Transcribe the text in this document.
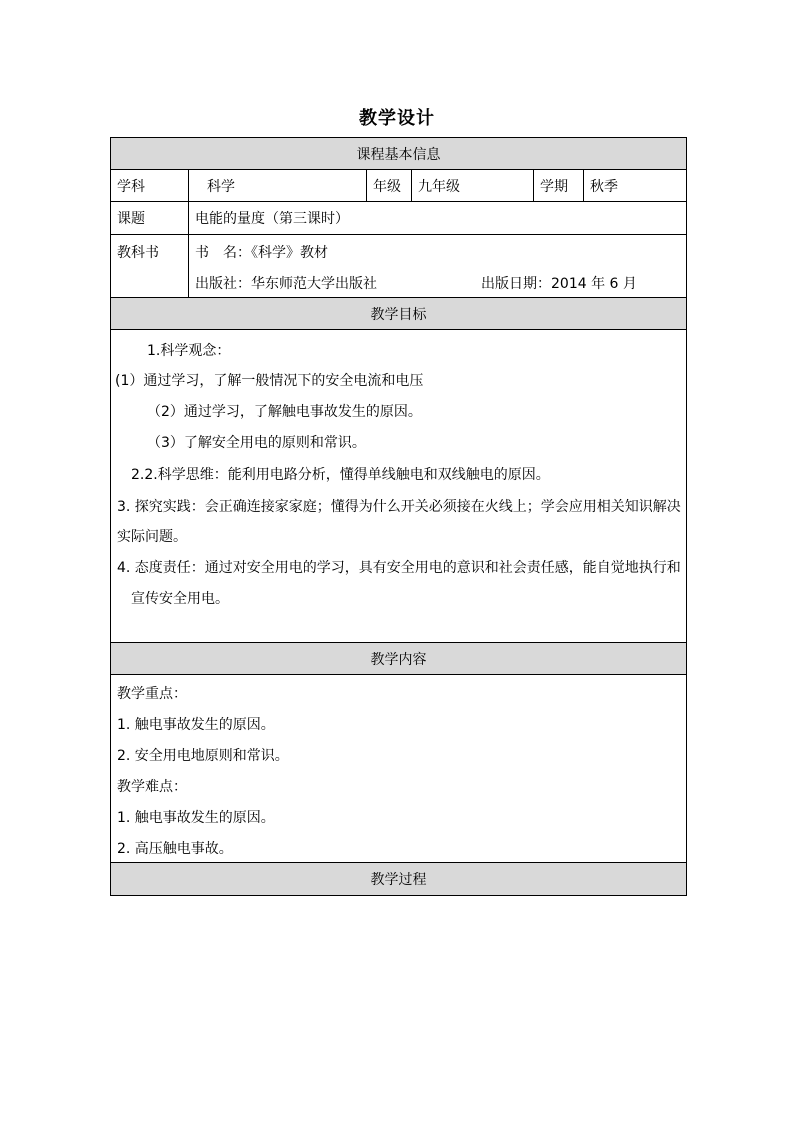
教学设计
课程基本信息
学科	科学	年级	九年级	学期	秋季
课题	电能的量度（第三课时）
教科书	书　名：《科学》教材
出版社：华东师范大学出版社	出版日期：2014 年 6 月
教学目标
1.科学观念：
(1）通过学习，了解一般情况下的安全电流和电压
（2）通过学习，了解触电事故发生的原因。
（3）了解安全用电的原则和常识。
2.2.科学思维：能利用电路分析，懂得单线触电和双线触电的原因。
3. 探究实践：会正确连接家家庭；懂得为什么开关必须接在火线上；学会应用相关知识解决
实际问题。
4. 态度责任：通过对安全用电的学习，具有安全用电的意识和社会责任感，能自觉地执行和
宣传安全用电。
教学内容
教学重点：
1. 触电事故发生的原因。
2. 安全用电地原则和常识。
教学难点：
1. 触电事故发生的原因。
2. 高压触电事故。
教学过程
